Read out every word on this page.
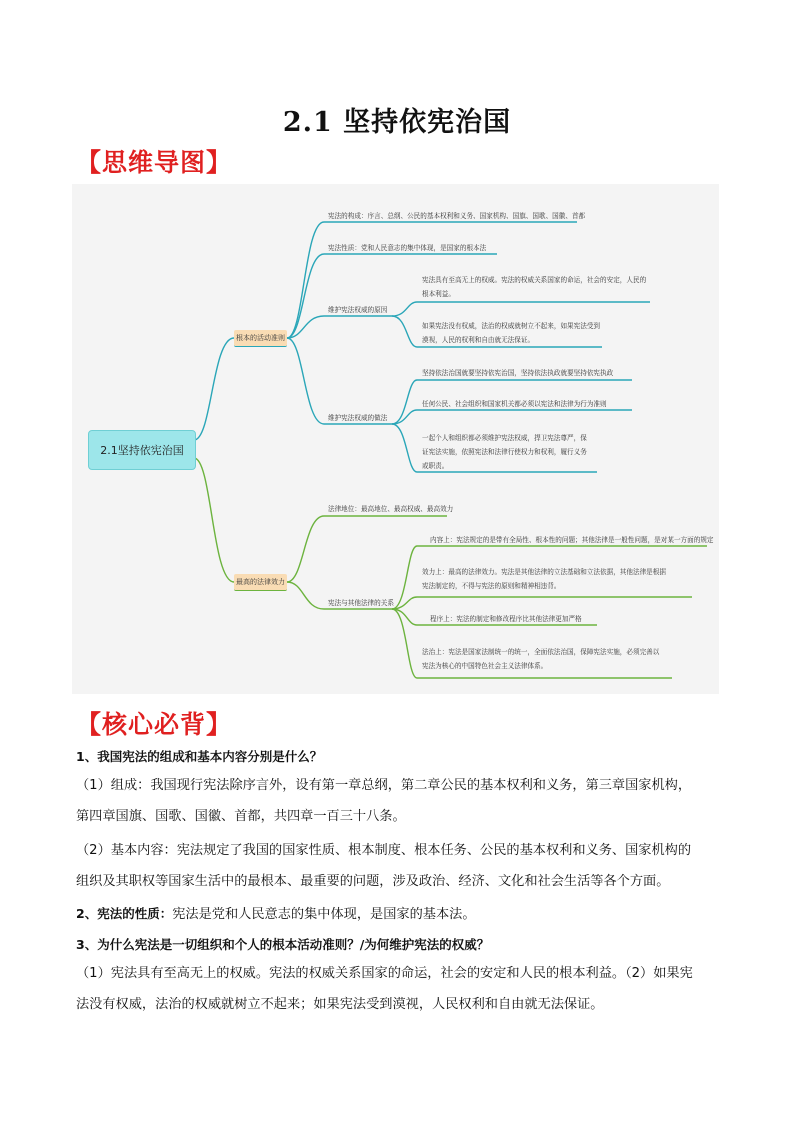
2.1 坚持依宪治国
【思维导图】
宪法的构成：序言、总纲、公民的基本权利和义务、国家机构、国旗、国歌、国徽、首都
宪法性质：党和人民意志的集中体现，是国家的根本法
维护宪法权威的原因
宪法具有至高无上的权威。宪法的权威关系国家的命运，社会的安定，人民的
根本利益。
如果宪法没有权威，法治的权威就树立不起来，如果宪法受到
漠视，人民的权利和自由就无法保证。
维护宪法权威的做法
坚持依法治国就要坚持依宪治国，坚持依法执政就要坚持依宪执政
任何公民、社会组织和国家机关都必须以宪法和法律为行为准则
一起个人和组织都必须维护宪法权威，捍卫宪法尊严，保
证宪法实施，依照宪法和法律行使权力和权利，履行义务
或职责。
法律地位：最高地位、最高权威、最高效力
宪法与其他法律的关系
内容上：宪法规定的是带有全局性、根本性的问题；其他法律是一般性问题，是对某一方面的规定
效力上：最高的法律效力。宪法是其他法律的立法基础和立法依据，其他法律是根据
宪法制定的，不得与宪法的原则和精神相违背。
程序上：宪法的制定和修改程序比其他法律更加严格
法治上：宪法是国家法制统一的统一，全面依法治国，保障宪法实施，必须完善以
宪法为核心的中国特色社会主义法律体系。
2.1坚持依宪治国
根本的活动准则
最高的法律效力
【核心必背】
1、我国宪法的组成和基本内容分别是什么？
（1）组成：我国现行宪法除序言外，设有第一章总纲，第二章公民的基本权利和义务，第三章国家机构，
第四章国旗、国歌、国徽、首都，共四章一百三十八条。
（2）基本内容：宪法规定了我国的国家性质、根本制度、根本任务、公民的基本权利和义务、国家机构的
组织及其职权等国家生活中的最根本、最重要的问题，涉及政治、经济、文化和社会生活等各个方面。
2、宪法的性质：宪法是党和人民意志的集中体现，是国家的基本法。
3、为什么宪法是一切组织和个人的根本活动准则？/为何维护宪法的权威？
（1）宪法具有至高无上的权威。宪法的权威关系国家的命运，社会的安定和人民的根本利益。（2）如果宪
法没有权威，法治的权威就树立不起来；如果宪法受到漠视，人民权利和自由就无法保证。
